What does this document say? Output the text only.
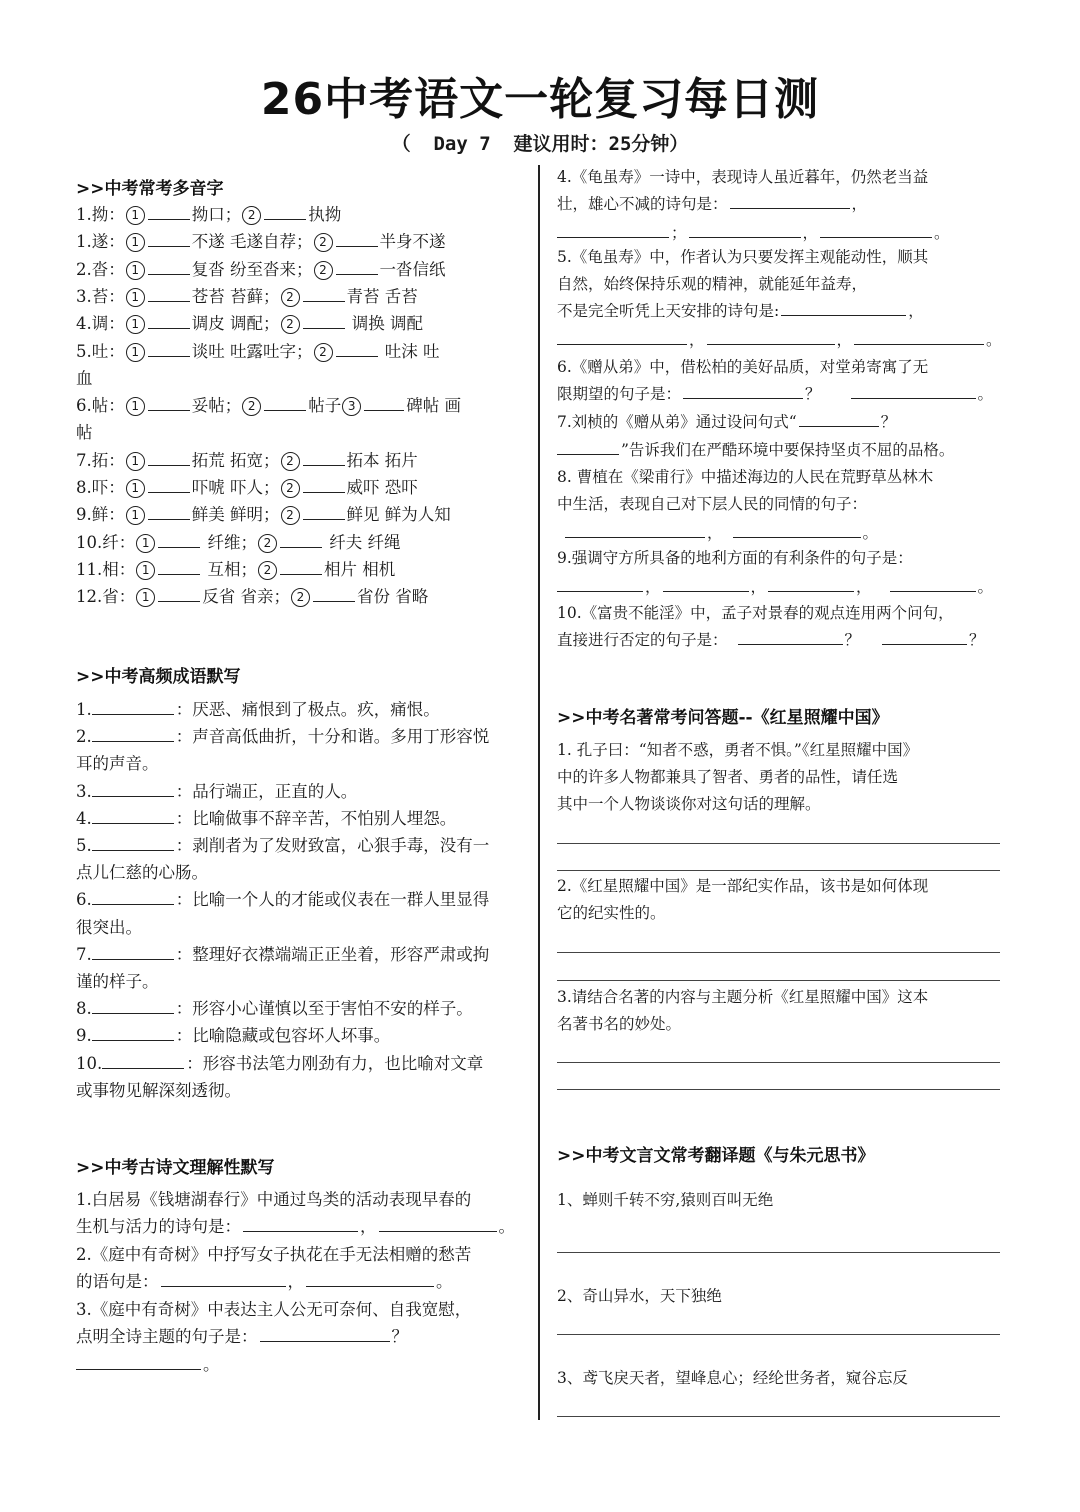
26中考语文一轮复习每日测
（  Day 7  建议用时：25分钟）
>>中考常考多音字
1.拗： 1	拗口； 2	执拗
1.遂： 1	不遂 毛遂自荐； 2	半身不遂
2.沓： 1	复沓 纷至沓来； 2	一沓信纸
3.苔： 1	苍苔 苔藓； 2	青苔 舌苔
4.调： 1	调皮 调配； 2	调换 调配
5.吐： 1	谈吐 吐露吐字； 2	吐沫 吐
血
6.帖： 1	妥帖； 2	帖子 3	碑帖 画
帖
7.拓： 1	拓荒 拓宽； 2	拓本 拓片
8.吓： 1	吓唬 吓人； 2	威吓 恐吓
9.鲜： 1	鲜美 鲜明； 2	鲜见 鲜为人知
10.纤： 1	纤维； 2	纤夫 纤绳
11.相： 1	互相； 2	相片 相机
12.省： 1	反省 省亲； 2	省份 省略
>>中考高频成语默写
1.	：厌恶、痛恨到了极点。疚，痛恨。
2.	：声音高低曲折，十分和谐。多用丁形容悦
耳的声音。
3.	：品行端正，正直的人。
4.	：比喻做事不辞辛苦，不怕别人埋怨。
5.	：剥削者为了发财致富，心狠手毒，没有一
点儿仁慈的心肠。
6.	：比喻一个人的才能或仪表在一群人里显得
很突出。
7.	：整理好衣襟端端正正坐着，形容严肃或拘
谨的样子。
8.	：形容小心谨慎以至于害怕不安的样子。
9.	：比喻隐藏或包容坏人坏事。
10.	：形容书法笔力刚劲有力，也比喻对文章
或事物见解深刻透彻。
>>中考古诗文理解性默写
1.白居易《钱塘湖春行》中通过鸟类的活动表现早春的
生机与活力的诗句是：	，	。
2.《庭中有奇树》中抒写女子执花在手无法相赠的愁苦
的语句是：	，	。
3.《庭中有奇树》中表达主人公无可奈何、自我宽慰，
点明全诗主题的句子是：	？
。
4.《龟虽寿》一诗中，表现诗人虽近暮年，仍然老当益
壮，雄心不减的诗句是：	，
；	，	。
5.《龟虽寿》中，作者认为只要发挥主观能动性，顺其
自然，始终保持乐观的精神，就能延年益寿，
不是完全听凭上天安排的诗句是:	，
，	，	。
6.《赠从弟》中，借松柏的美好品质，对堂弟寄寓了无
限期望的句子是：	？	。
7.刘桢的《赠从弟》通过设问句式“	？
”告诉我们在严酷环境中要保持坚贞不屈的品格。
8. 曹植在《梁甫行》中描述海边的人民在荒野草丛林木
中生活，表现自己对下层人民的同情的句子：
，	。
9.强调守方所具备的地利方面的有利条件的句子是：
，	，	，	。
10.《富贵不能淫》中，孟子对景春的观点连用两个问句，
直接进行否定的句子是：	？	？
>>中考名著常考问答题--《红星照耀中国》
1. 孔子曰：“知者不惑，勇者不惧。”《红星照耀中国》
中的许多人物都兼具了智者、勇者的品性，请任选
其中一个人物谈谈你对这句话的理解。
2.《红星照耀中国》是一部纪实作品，该书是如何体现
它的纪实性的。
3.请结合名著的内容与主题分析《红星照耀中国》这本
名著书名的妙处。
>>中考文言文常考翻译题《与朱元思书》
1、蝉则千转不穷,猿则百叫无绝
2、奇山异水，天下独绝
3、鸢飞戾天者，望峰息心；经纶世务者，窥谷忘反
